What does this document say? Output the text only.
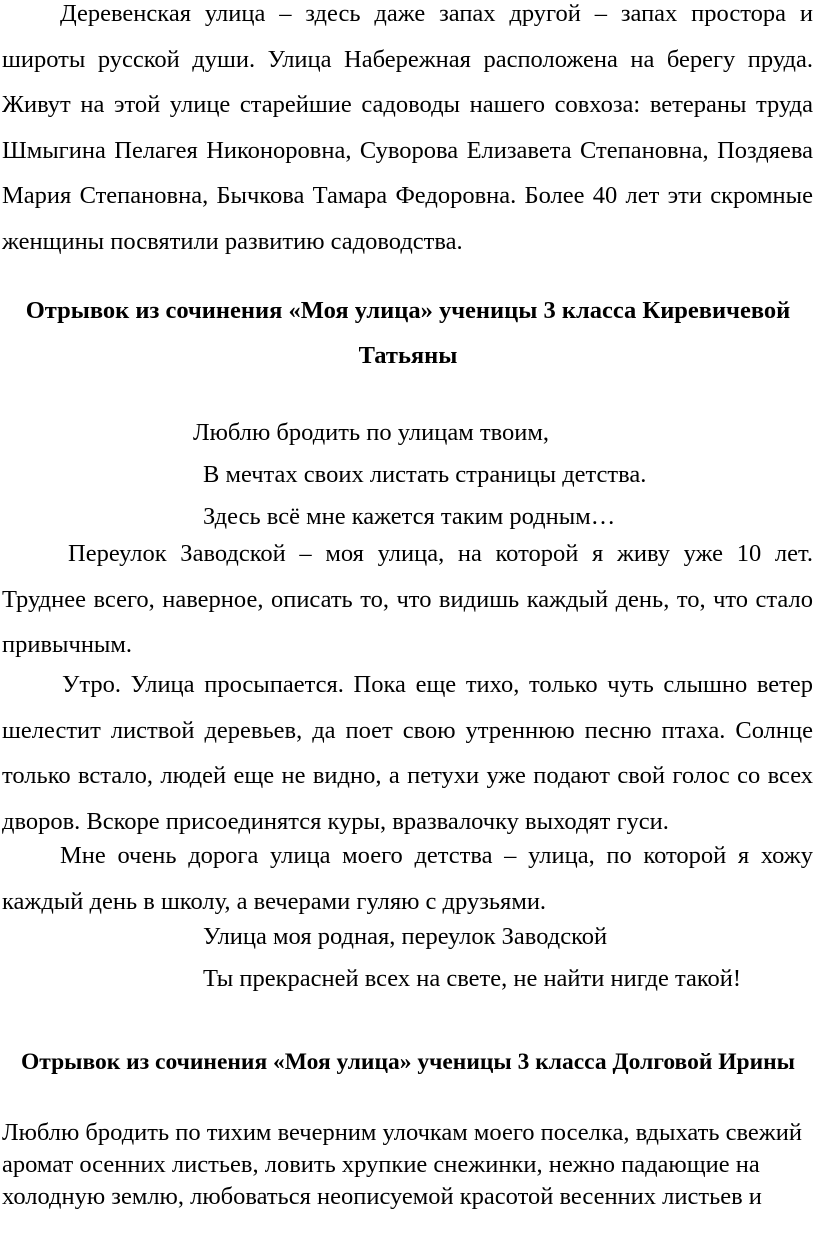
Деревенская улица – здесь даже запах другой – запах простора и широты русской души. Улица Набережная расположена на берегу пруда. Живут на этой улице старейшие садоводы нашего совхоза: ветераны труда Шмыгина Пелагея Никоноровна, Суворова Елизавета Степановна, Поздяева Мария Степановна, Бычкова Тамара Федоровна. Более 40 лет эти скромные женщины посвятили развитию садоводства.

Отрывок из сочинения «Моя улица» ученицы 3 класса Киревичевой
Татьяны

Люблю бродить по улицам твоим,

В мечтах своих листать страницы детства.

Здесь всё мне кажется таким родным…

Переулок Заводской – моя улица, на которой я живу уже 10 лет. Труднее всего, наверное, описать то, что видишь каждый день, то, что стало привычным.

Утро. Улица просыпается. Пока еще тихо, только чуть слышно ветер шелестит листвой деревьев, да поет свою утреннюю песню птаха. Солнце только встало, людей еще не видно, а петухи уже подают свой голос со всех дворов. Вскоре присоединятся куры, вразвалочку выходят гуси.

Мне очень дорога улица моего детства – улица, по которой я хожу каждый день в школу, а вечерами гуляю с друзьями.

Улица моя родная, переулок Заводской

Ты прекрасней всех на свете, не найти нигде такой!

Отрывок из сочинения «Моя улица» ученицы 3 класса Долговой Ирины
Люблю бродить по тихим вечерним улочкам моего поселка, вдыхать свежий
аромат осенних листьев, ловить хрупкие снежинки, нежно падающие на
холодную землю, любоваться неописуемой красотой весенних листьев и
